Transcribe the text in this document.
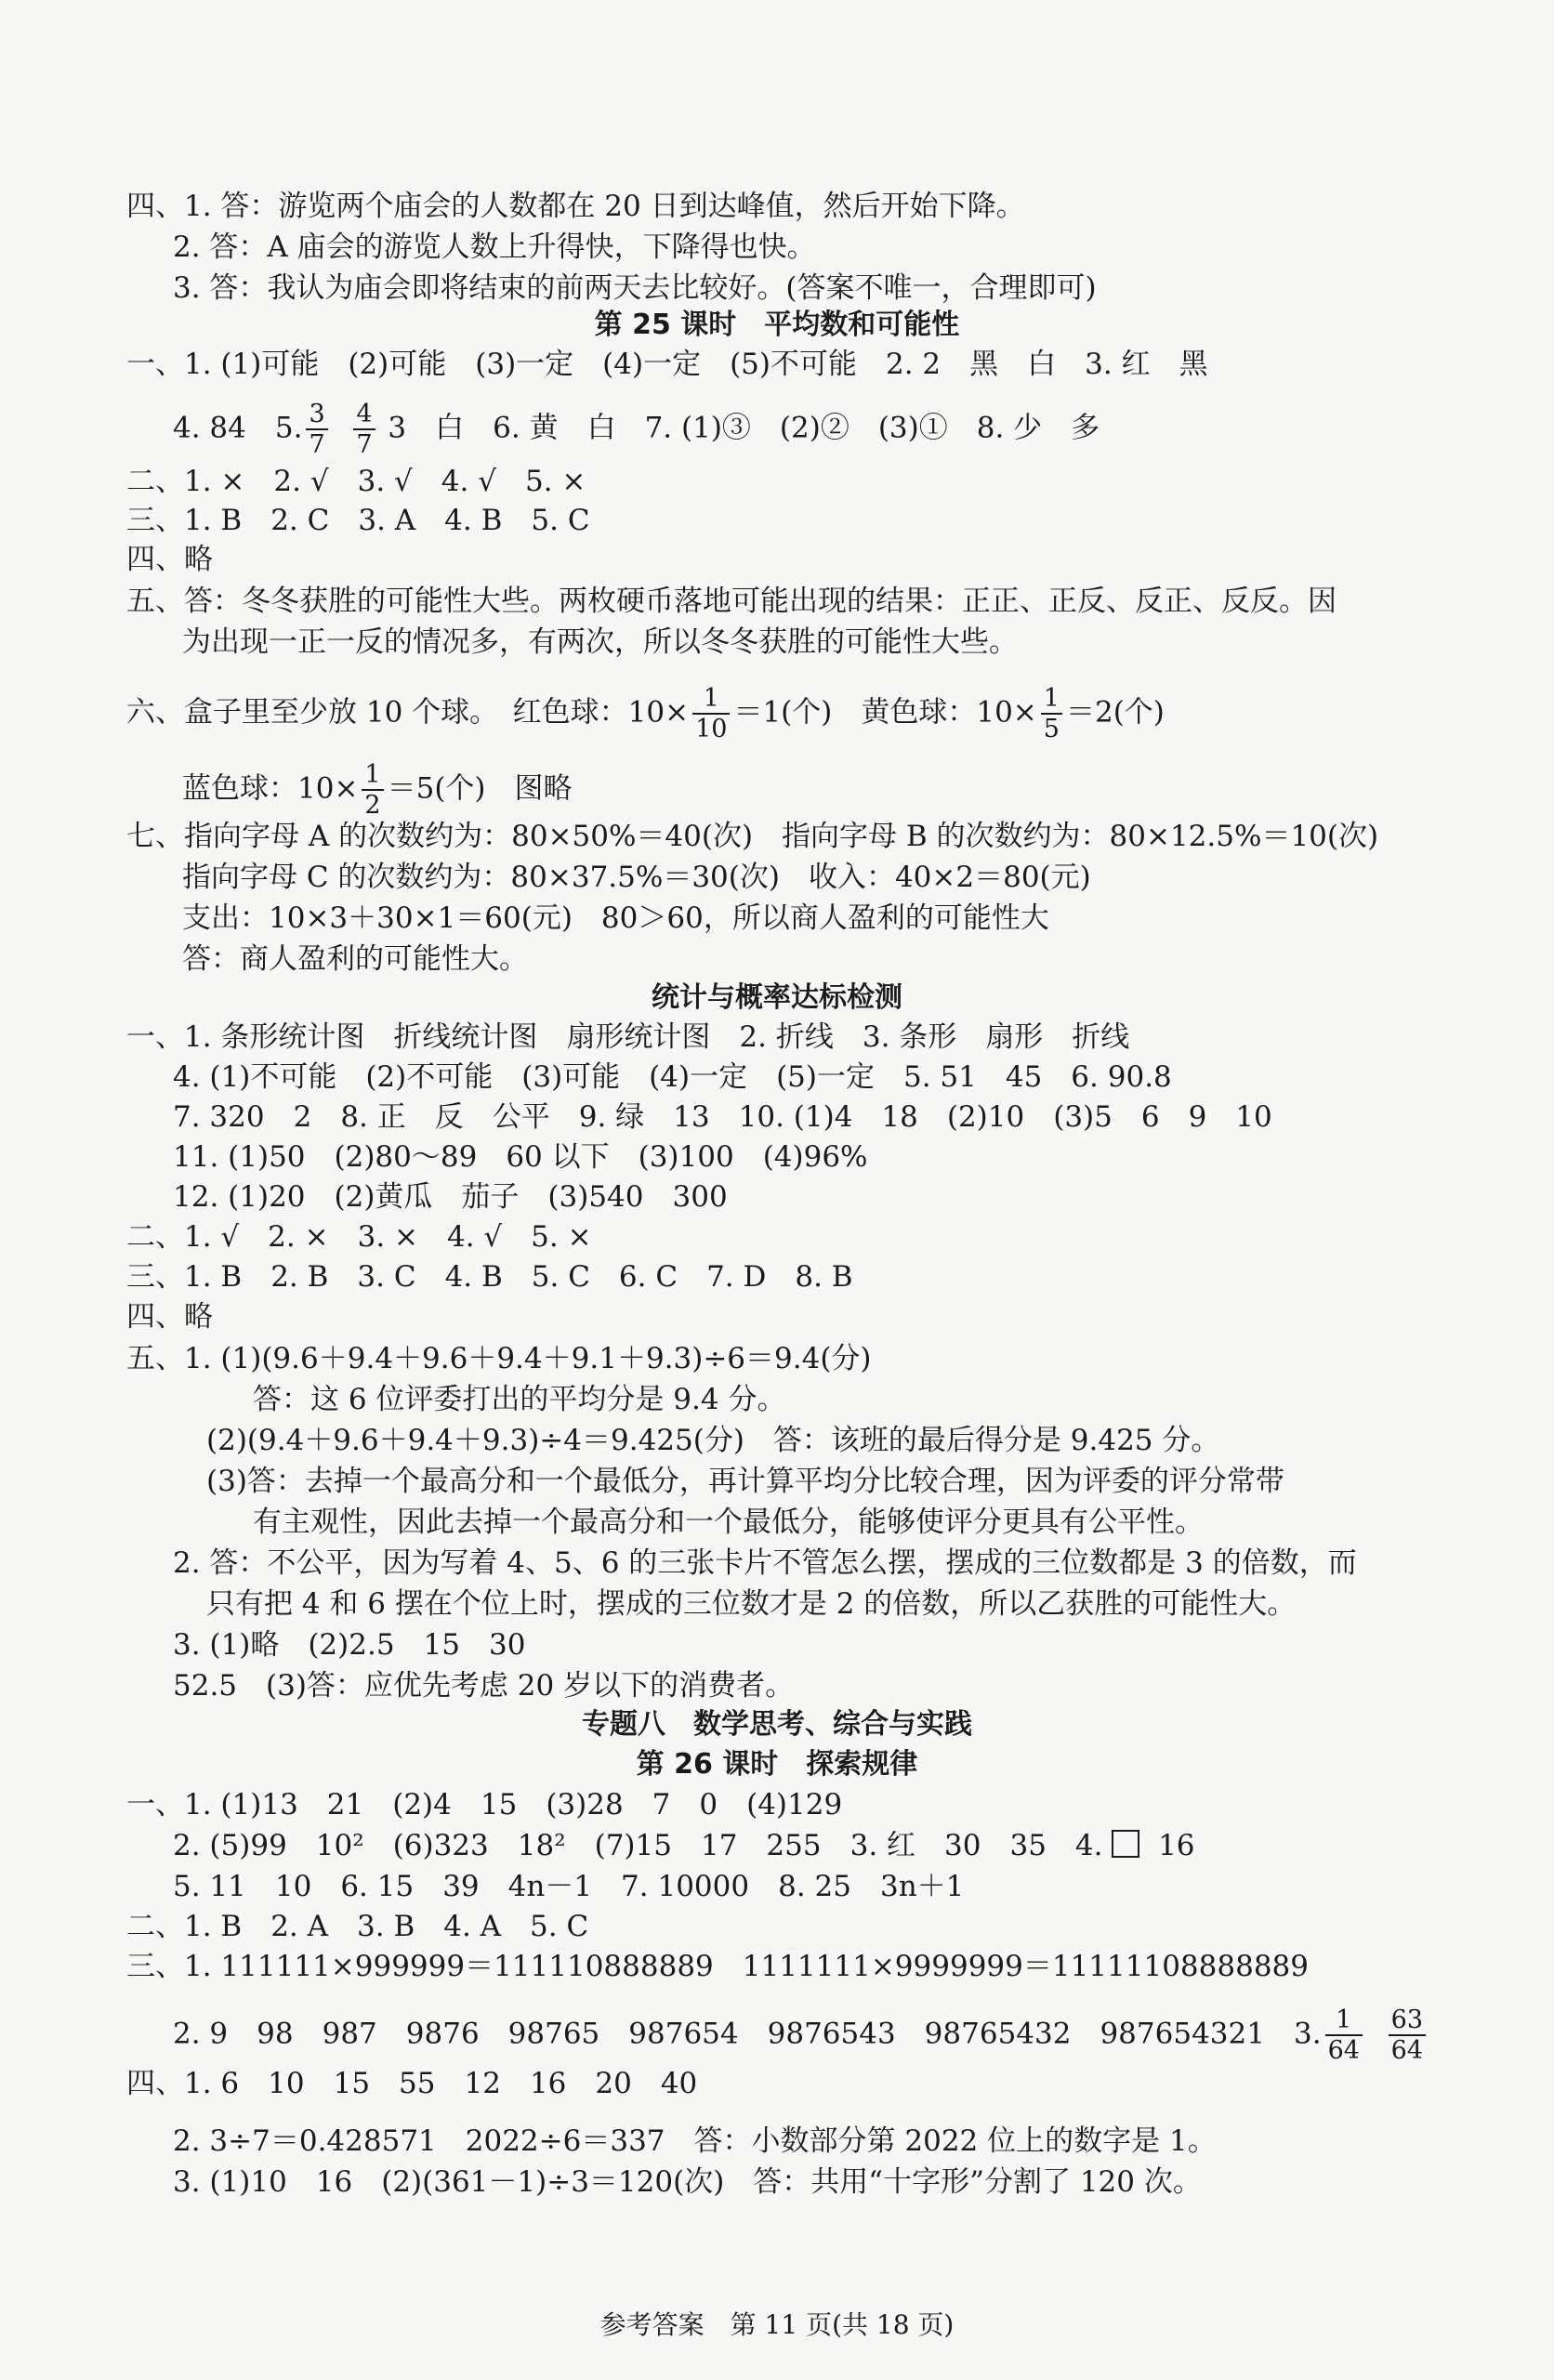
四、1. 答：游览两个庙会的人数都在 20 日到达峰值，然后开始下降。
2. 答：A 庙会的游览人数上升得快，下降得也快。
3. 答：我认为庙会即将结束的前两天去比较好。(答案不唯一，合理即可)
第 25 课时　平均数和可能性
一、1. (1)可能　(2)可能　(3)一定　(4)一定　(5)不可能　2. 2　黑　白　3. 红　黑
4. 84　5. $\frac{3}{7}$
$\frac{4}{7} 3$　白　6. 黄　白　7. (1)③　(2)②　(3)①　8. 少　多
二、1. ×　2. √　3. √　4. √　5. ×
三、1. B　2. C　3. A　4. B　5. C
四、略
五、答：冬冬获胜的可能性大些。两枚硬币落地可能出现的结果：正正、正反、反正、反反。因
为出现一正一反的情况多，有两次，所以冬冬获胜的可能性大些。
六、盒子里至少放 10 个球。　红色球：$10\times \frac{1}{10} =1$(个)　黄色球：$10\times \frac{1}{5} =2$(个)
蓝色球：$10\times \frac{1}{2} =5$(个)　图略
七、指向字母 A 的次数约为：80×50%＝40(次)　指向字母 B 的次数约为：80×12.5%＝10(次)
指向字母 C 的次数约为：80×37.5%＝30(次)　收入：40×2＝80(元)
支出：10×3＋30×1＝60(元)　80＞60，所以商人盈利的可能性大
答：商人盈利的可能性大。
统计与概率达标检测
一、1. 条形统计图　折线统计图　扇形统计图　2. 折线　3. 条形　扇形　折线
4. (1)不可能　(2)不可能　(3)可能　(4)一定　(5)一定　5. 51　45　6. 90.8
7. 320　2　8. 正　反　公平　9. 绿　13　10. (1)4　18　(2)10　(3)5　6　9　10
11. (1)50　(2)80～89　60 以下　(3)100　(4)96%
12. (1)20　(2)黄瓜　茄子　(3)540　300
二、1. √　2. ×　3. ×　4. √　5. ×
三、1. B　2. B　3. C　4. B　5. C　6. C　7. D　8. B
四、略
五、1. (1)(9.6＋9.4＋9.6＋9.4＋9.1＋9.3)÷6＝9.4(分)
答：这 6 位评委打出的平均分是 9.4 分。
(2)(9.4＋9.6＋9.4＋9.3)÷4＝9.425(分)　答：该班的最后得分是 9.425 分。
(3)答：去掉一个最高分和一个最低分，再计算平均分比较合理，因为评委的评分常带
有主观性，因此去掉一个最高分和一个最低分，能够使评分更具有公平性。
2. 答：不公平，因为写着 4、5、6 的三张卡片不管怎么摆，摆成的三位数都是 3 的倍数，而
只有把 4 和 6 摆在个位上时，摆成的三位数才是 2 的倍数，所以乙获胜的可能性大。
3. (1)略　(2)2.5　15　30
52.5　(3)答：应优先考虑 20 岁以下的消费者。
专题八　数学思考、综合与实践
第 26 课时　探索规律
一、1. (1)13　21　(2)4　15　(3)28　7　0　(4)129
2. (5)99　10²　(6)323　18²　(7)15　17　255　3. 红　30　35　4. 16
5. 11　10　6. 15　39　4n－1　7. 10000　8. 25　3n＋1
二、1. B　2. A　3. B　4. A　5. C
三、1. 111111×999999＝111110888889　1111111×9999999＝11111108888889
2. 9　98　987　9876　98765　987654　9876543　98765432　987654321　3. $\frac{1}{64}$
$\frac{63}{64}$
四、1. 6　10　15　55　12　16　20　40
2. 3÷7＝0.428571　2022÷6＝337　答：小数部分第 2022 位上的数字是 1。
3. (1)10　16　(2)(361－1)÷3＝120(次)　答：共用“十字形”分割了 120 次。
参考答案　第 11 页(共 18 页)
